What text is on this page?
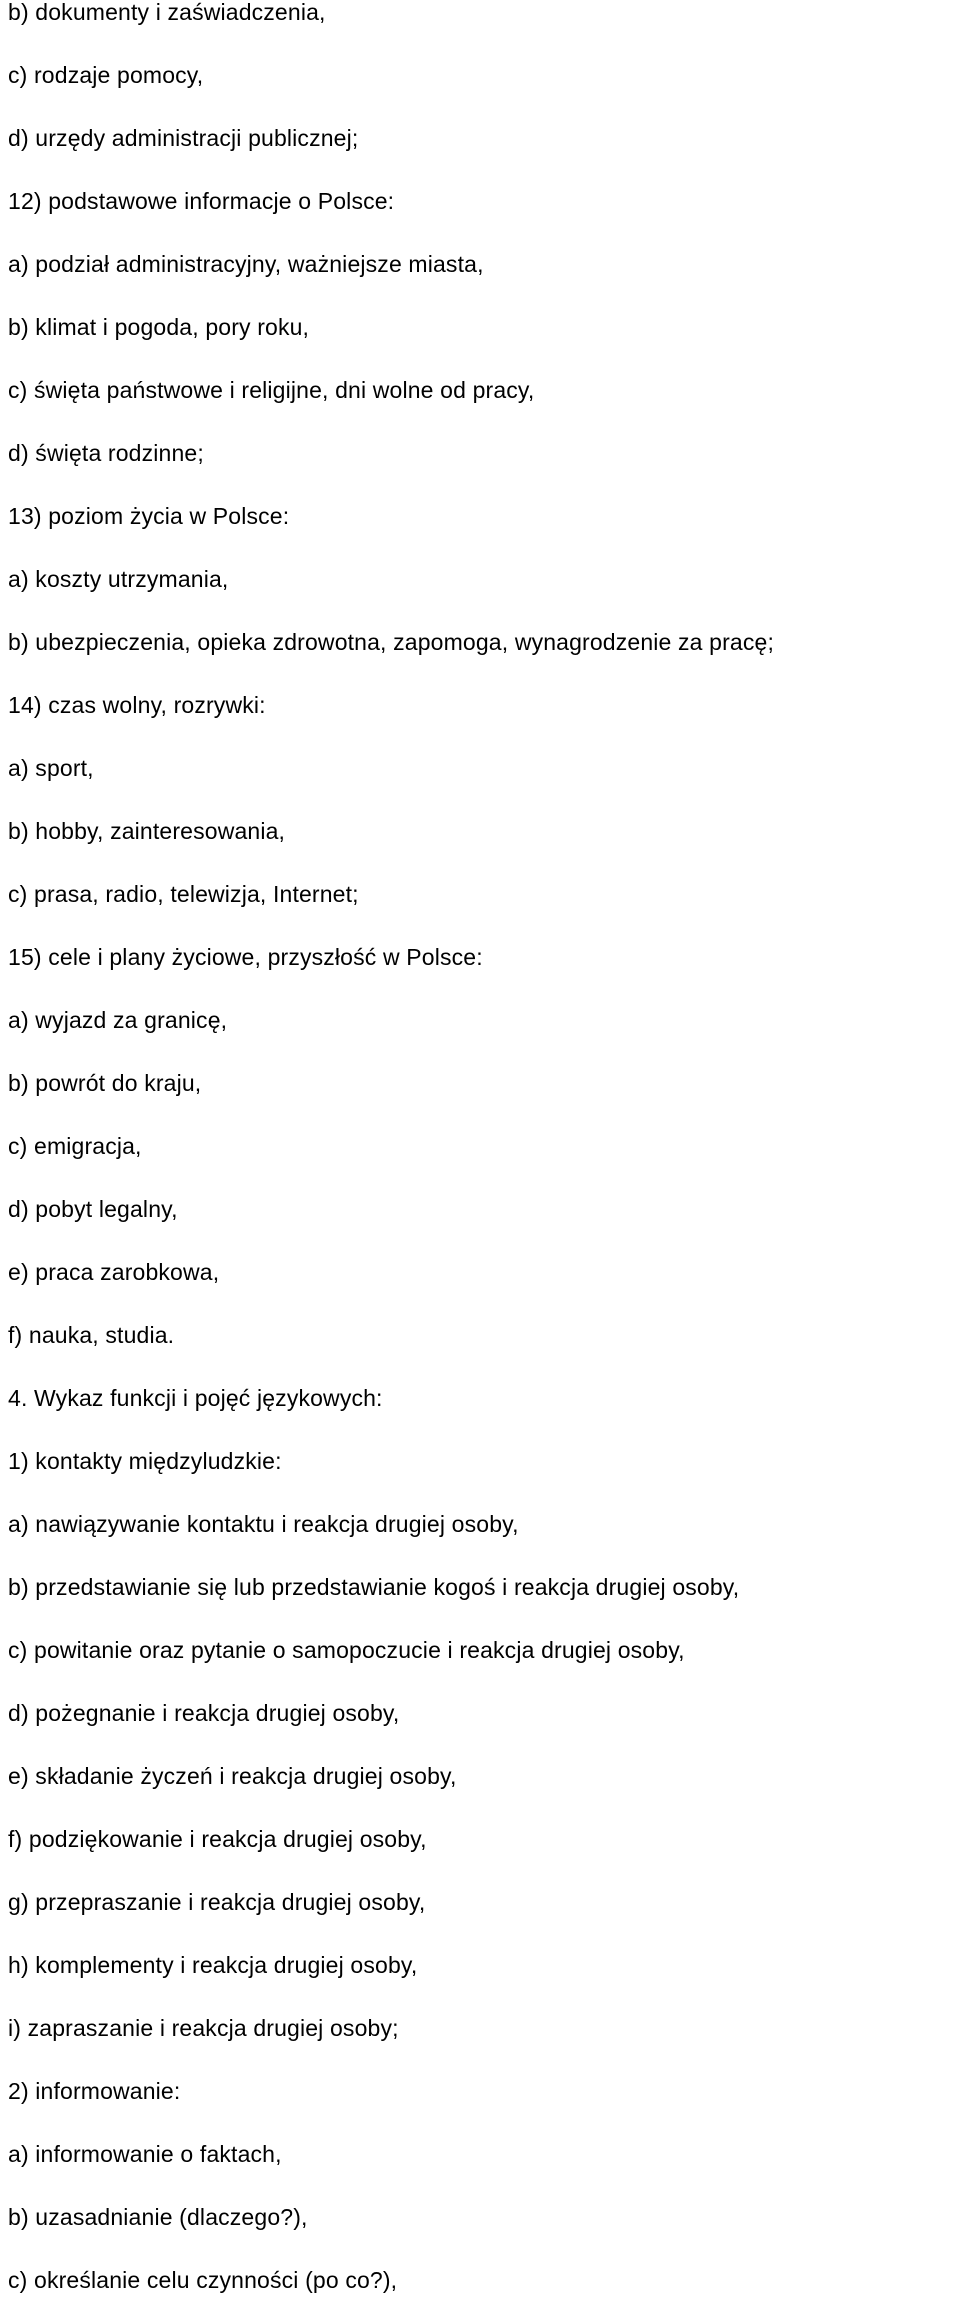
b) dokumenty i zaświadczenia,
c) rodzaje pomocy,
d) urzędy administracji publicznej;
12) podstawowe informacje o Polsce:
a) podział administracyjny, ważniejsze miasta,
b) klimat i pogoda, pory roku,
c) święta państwowe i religijne, dni wolne od pracy,
d) święta rodzinne;
13) poziom życia w Polsce:
a) koszty utrzymania,
b) ubezpieczenia, opieka zdrowotna, zapomoga, wynagrodzenie za pracę;
14) czas wolny, rozrywki:
a) sport,
b) hobby, zainteresowania,
c) prasa, radio, telewizja, Internet;
15) cele i plany życiowe, przyszłość w Polsce:
a) wyjazd za granicę,
b) powrót do kraju,
c) emigracja,
d) pobyt legalny,
e) praca zarobkowa,
f) nauka, studia.
4. Wykaz funkcji i pojęć językowych:
1) kontakty międzyludzkie:
a) nawiązywanie kontaktu i reakcja drugiej osoby,
b) przedstawianie się lub przedstawianie kogoś i reakcja drugiej osoby,
c) powitanie oraz pytanie o samopoczucie i reakcja drugiej osoby,
d) pożegnanie i reakcja drugiej osoby,
e) składanie życzeń i reakcja drugiej osoby,
f) podziękowanie i reakcja drugiej osoby,
g) przepraszanie i reakcja drugiej osoby,
h) komplementy i reakcja drugiej osoby,
i) zapraszanie i reakcja drugiej osoby;
2) informowanie:
a) informowanie o faktach,
b) uzasadnianie (dlaczego?),
c) określanie celu czynności (po co?),
